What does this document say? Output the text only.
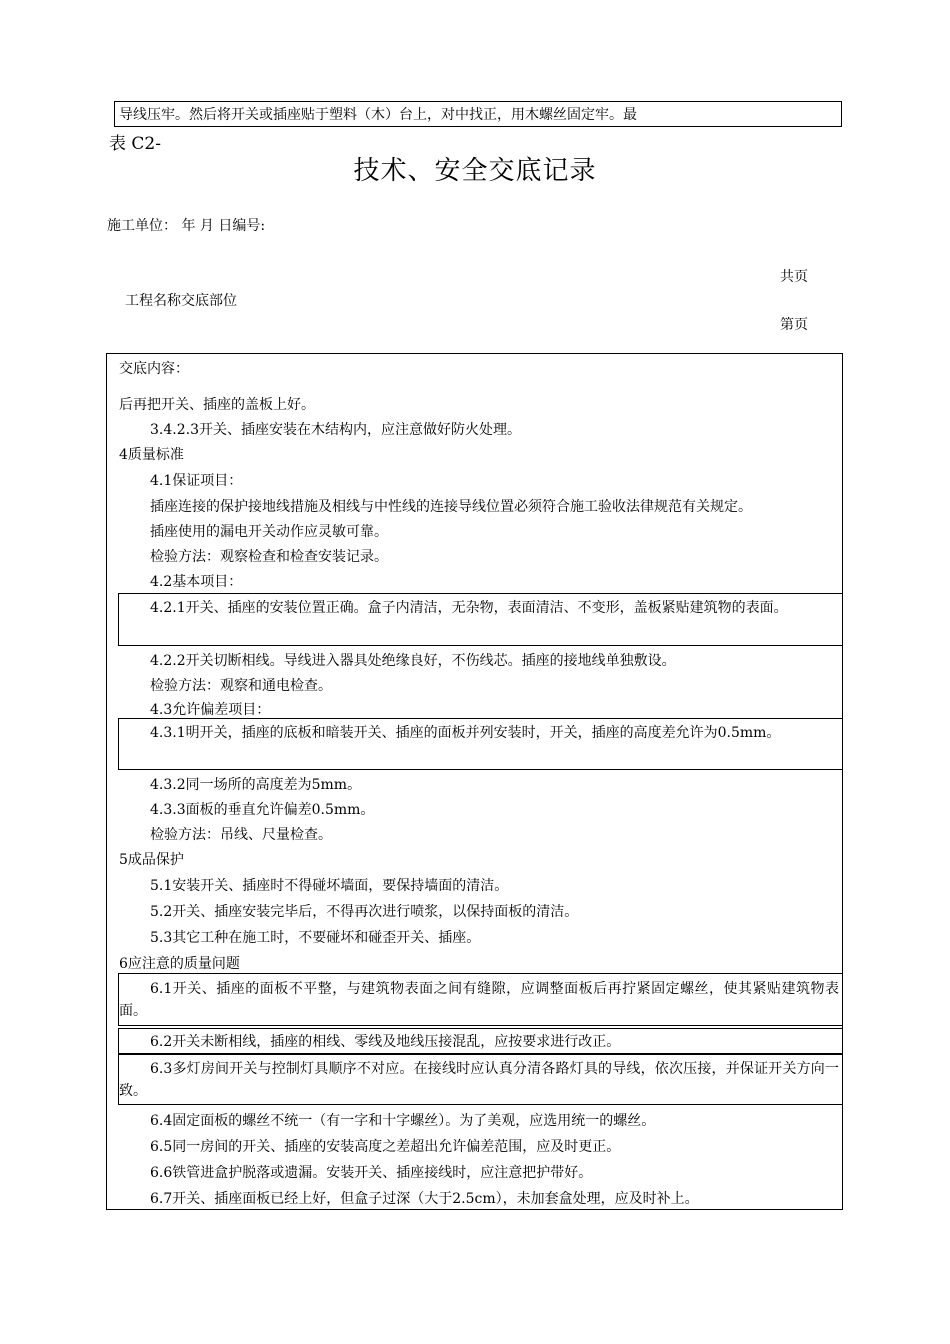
导线压牢。然后将开关或插座贴于塑料（木）台上，对中找正，用木螺丝固定牢。最
表 C2-
技术、安全交底记录
施工单位： 年 月 日编号:
共页
工程名称交底部位
第页
交底内容：
后再把开关、插座的盖板上好。
3.4.2.3开关、插座安装在木结构内，应注意做好防火处理。
4质量标准
4.1保证项目：
插座连接的保护接地线措施及相线与中性线的连接导线位置必须符合施工验收法律规范有关规定。
插座使用的漏电开关动作应灵敏可靠。
检验方法：观察检查和检查安装记录。
4.2基本项目：
4.2.1开关、插座的安装位置正确。盒子内清洁，无杂物，表面清洁、不变形，盖板紧贴建筑物的表面。
4.2.2开关切断相线。导线进入器具处绝缘良好，不伤线芯。插座的接地线单独敷设。
检验方法：观察和通电检查。
4.3允许偏差项目：
4.3.1明开关，插座的底板和暗装开关、插座的面板并列安装时，开关，插座的高度差允许为0.5mm。
4.3.2同一场所的高度差为5mm。
4.3.3面板的垂直允许偏差0.5mm。
检验方法：吊线、尺量检查。
5成品保护
5.1安装开关、插座时不得碰坏墙面，要保持墙面的清洁。
5.2开关、插座安装完毕后，不得再次进行喷浆，以保持面板的清洁。
5.3其它工种在施工时，不要碰坏和碰歪开关、插座。
6应注意的质量问题
6.1开关、插座的面板不平整，与建筑物表面之间有缝隙，应调整面板后再拧紧固定螺丝，使其紧贴建筑物表面。
6.2开关未断相线，插座的相线、零线及地线压接混乱，应按要求进行改正。
6.3多灯房间开关与控制灯具顺序不对应。在接线时应认真分清各路灯具的导线，依次压接，并保证开关方向一致。
6.4固定面板的螺丝不统一（有一字和十字螺丝）。为了美观，应选用统一的螺丝。
6.5同一房间的开关、插座的安装高度之差超出允许偏差范围，应及时更正。
6.6铁管进盒护脱落或遗漏。安装开关、插座接线时，应注意把护带好。
6.7开关、插座面板已经上好，但盒子过深（大于2.5cm），未加套盒处理，应及时补上。
